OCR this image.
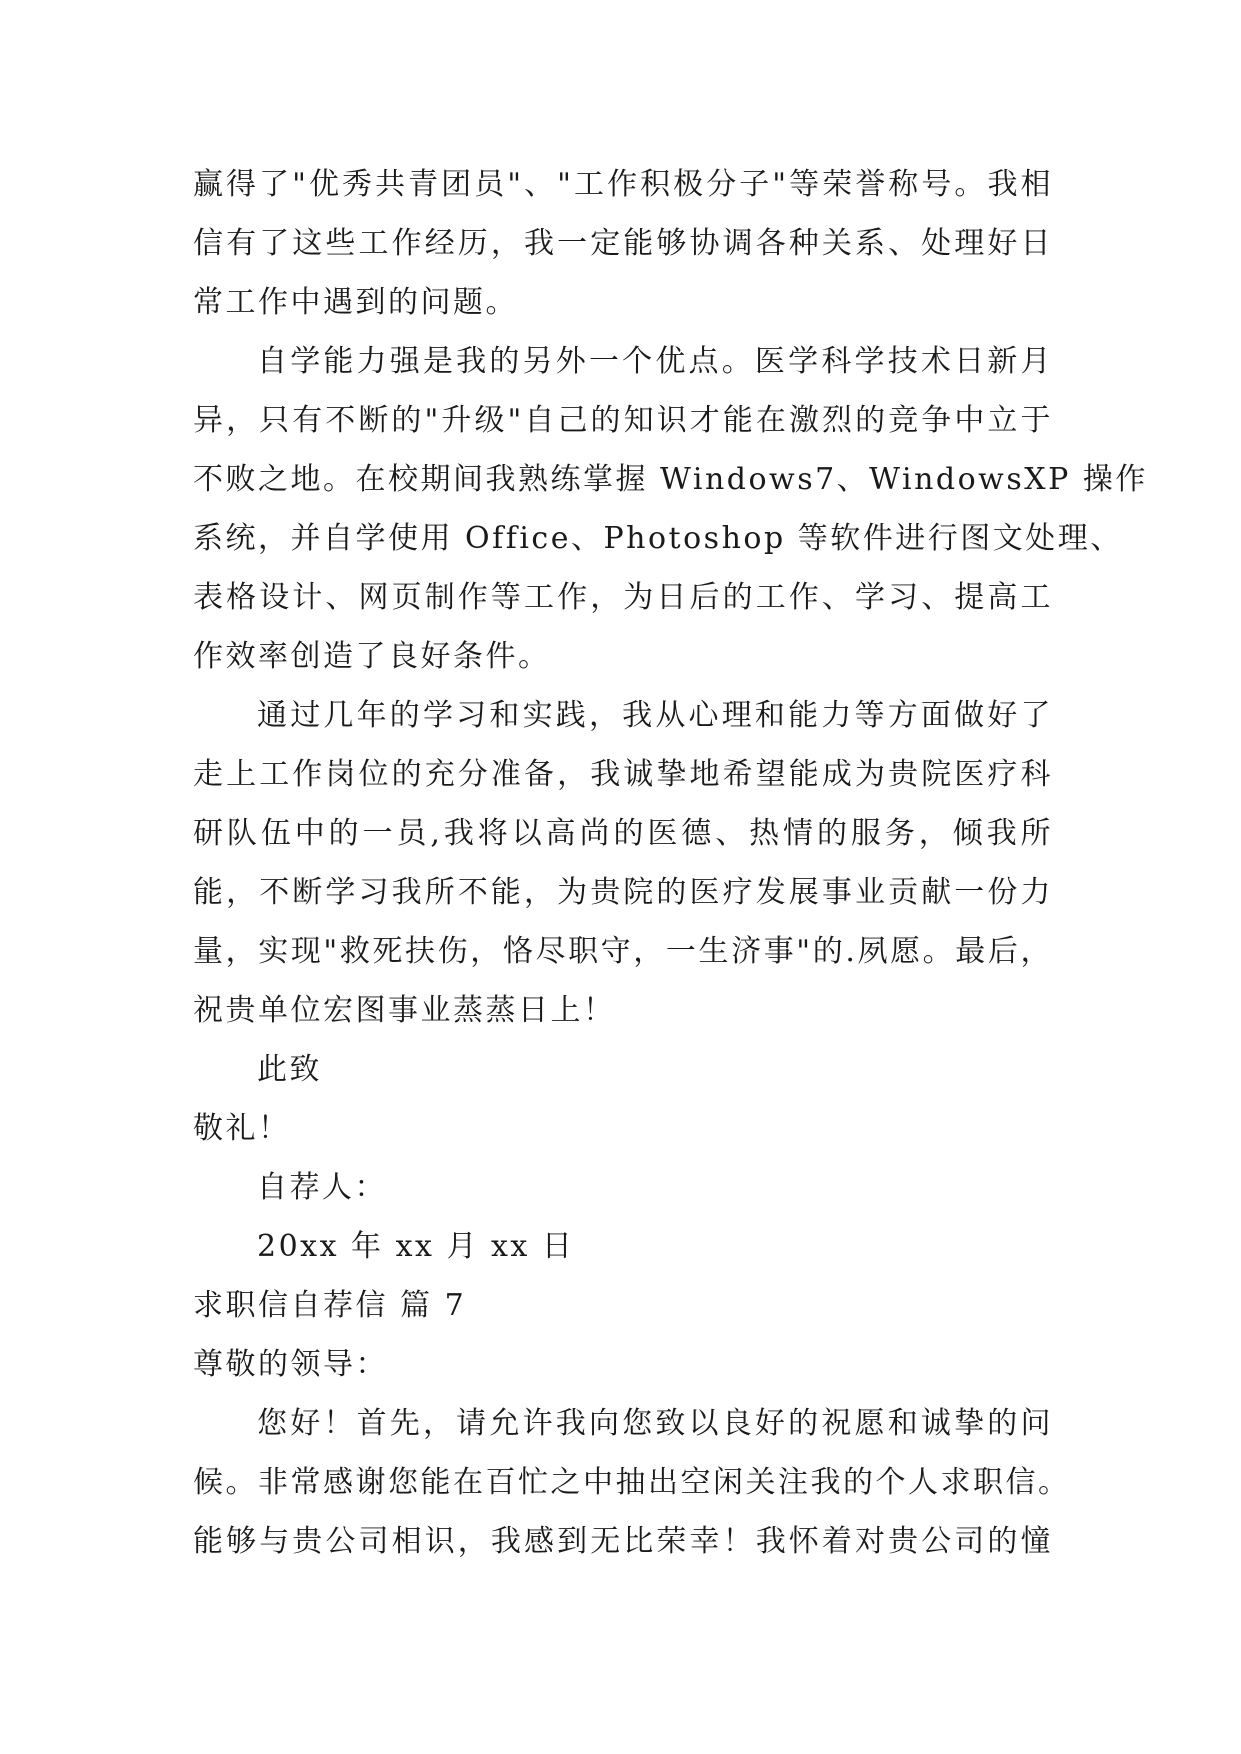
赢得了"优秀共青团员"、"工作积极分子"等荣誉称号。我相
信有了这些工作经历，我一定能够协调各种关系、处理好日
常工作中遇到的问题。
自学能力强是我的另外一个优点。医学科学技术日新月
异，只有不断的"升级"自己的知识才能在激烈的竞争中立于
不败之地。在校期间我熟练掌握 Windows7、WindowsXP 操作
系统，并自学使用 Office、Photoshop 等软件进行图文处理、
表格设计、网页制作等工作，为日后的工作、学习、提高工
作效率创造了良好条件。
通过几年的学习和实践，我从心理和能力等方面做好了
走上工作岗位的充分准备，我诚挚地希望能成为贵院医疗科
研队伍中的一员,我将以高尚的医德、热情的服务，倾我所
能，不断学习我所不能，为贵院的医疗发展事业贡献一份力
量，实现"救死扶伤，恪尽职守，一生济事"的.夙愿。最后，
祝贵单位宏图事业蒸蒸日上！
此致
敬礼！
自荐人：
20xx 年 xx 月 xx 日
求职信自荐信 篇 7
尊敬的领导：
您好！首先，请允许我向您致以良好的祝愿和诚挚的问
候。非常感谢您能在百忙之中抽出空闲关注我的个人求职信。
能够与贵公司相识，我感到无比荣幸！我怀着对贵公司的憧
